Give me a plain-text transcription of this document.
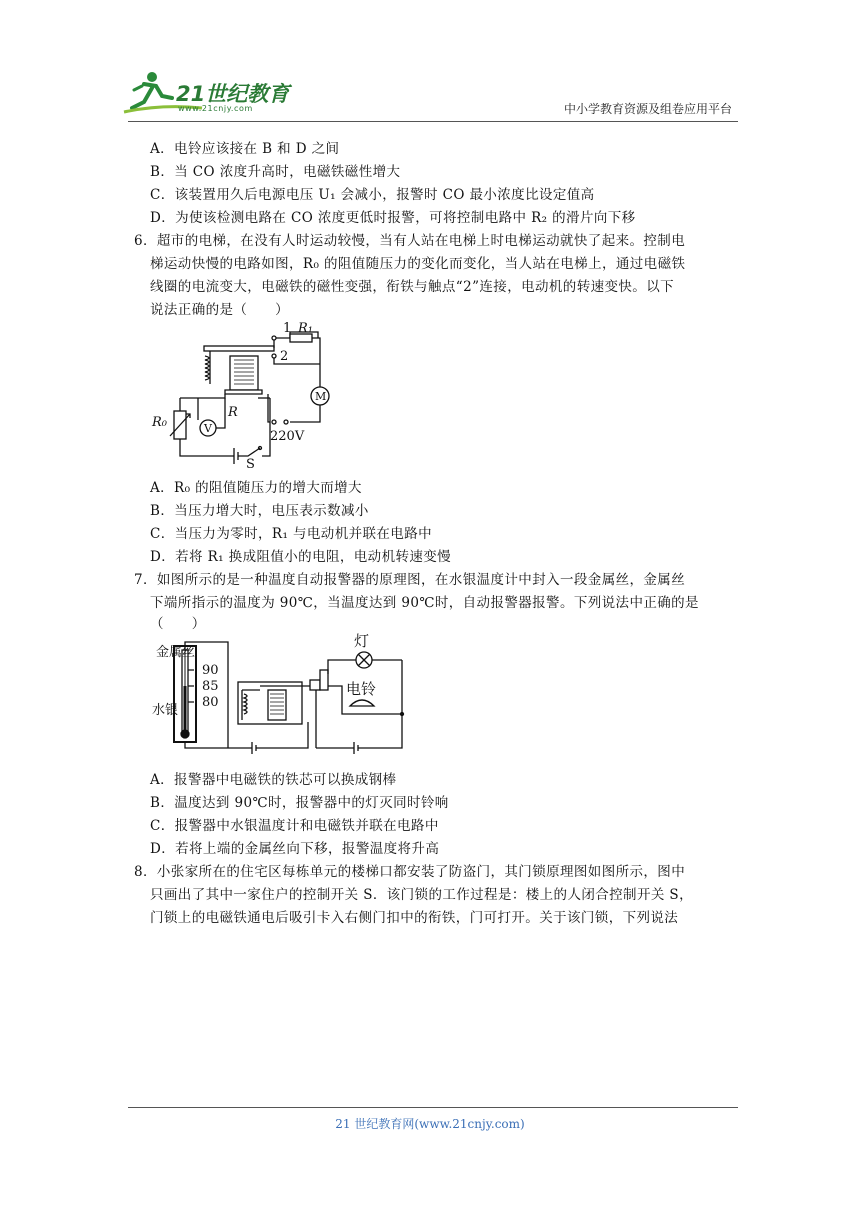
21世纪教育
www.21cnjy.com	中小学教育资源及组卷应用平台
A．电铃应该接在 B 和 D 之间
B．当 CO 浓度升高时，电磁铁磁性增大
C．该装置用久后电源电压 U₁ 会减小，报警时 CO 最小浓度比设定值高
D．为使该检测电路在 CO 浓度更低时报警，可将控制电路中 R₂ 的滑片向下移
6．超市的电梯，在没有人时运动较慢，当有人站在电梯上时电梯运动就快了起来。控制电
梯运动快慢的电路如图，R₀ 的阻值随压力的变化而变化，当人站在电梯上，通过电磁铁
线圈的电流变大，电磁铁的磁性变强，衔铁与触点“2”连接，电动机的转速变快。以下
说法正确的是（　　）
1 R₁
2
M
R
R₀	V
220V
S
A．R₀ 的阻值随压力的增大而增大
B．当压力增大时，电压表示数减小
C．当压力为零时，R₁ 与电动机并联在电路中
D．若将 R₁ 换成阻值小的电阻，电动机转速变慢
7．如图所示的是一种温度自动报警器的原理图，在水银温度计中封入一段金属丝，金属丝
下端所指示的温度为 90℃，当温度达到 90℃时，自动报警器报警。下列说法中正确的是
（　　）
金属丝
水银
90
85
80
灯
电铃
A．报警器中电磁铁的铁芯可以换成钢棒
B．温度达到 90℃时，报警器中的灯灭同时铃响
C．报警器中水银温度计和电磁铁并联在电路中
D．若将上端的金属丝向下移，报警温度将升高
8．小张家所在的住宅区每栋单元的楼梯口都安装了防盗门，其门锁原理图如图所示，图中
只画出了其中一家住户的控制开关 S．该门锁的工作过程是：楼上的人闭合控制开关 S，
门锁上的电磁铁通电后吸引卡入右侧门扣中的衔铁，门可打开。关于该门锁，下列说法
21 世纪教育网(www.21cnjy.com)
